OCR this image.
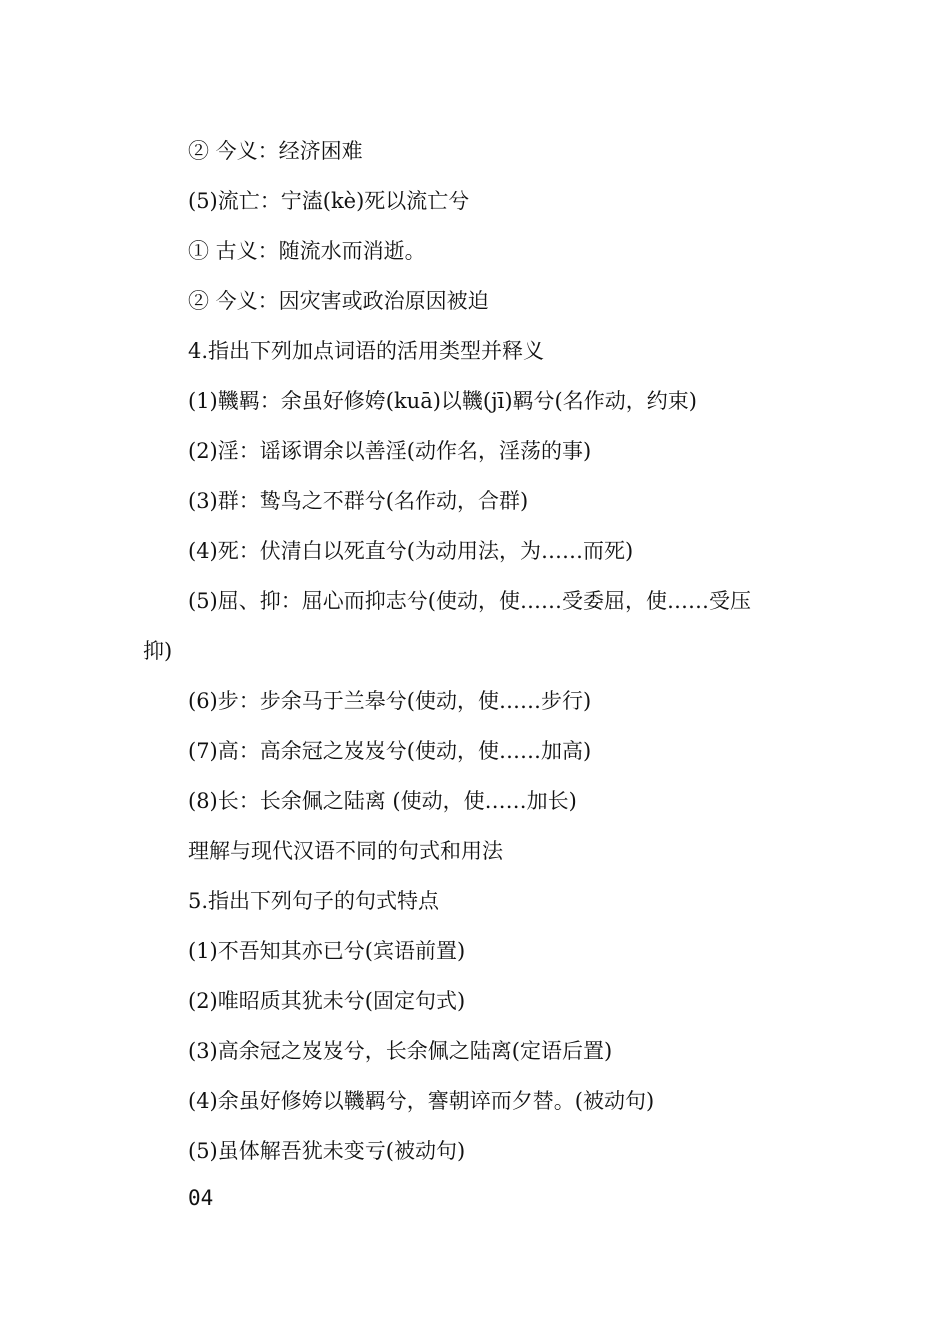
② 今义：经济困难
(5)流亡：宁溘(kè)死以流亡兮
① 古义：随流水而消逝。
② 今义：因灾害或政治原因被迫
4.指出下列加点词语的活用类型并释义
(1)鞿羁：余虽好修姱(kuā)以鞿(jī)羁兮(名作动，约束)
(2)淫：谣诼谓余以善淫(动作名，淫荡的事)
(3)群：鸷鸟之不群兮(名作动，合群)
(4)死：伏清白以死直兮(为动用法，为……而死)
(5)屈、抑：屈心而抑志兮(使动，使……受委屈，使……受压
抑)
(6)步：步余马于兰皋兮(使动，使……步行)
(7)高：高余冠之岌岌兮(使动，使……加高)
(8)长：长余佩之陆离 (使动，使……加长)
理解与现代汉语不同的句式和用法
5.指出下列句子的句式特点
(1)不吾知其亦已兮(宾语前置)
(2)唯昭质其犹未兮(固定句式)
(3)高余冠之岌岌兮，长余佩之陆离(定语后置)
(4)余虽好修姱以鞿羁兮，謇朝谇而夕替。(被动句)
(5)虽体解吾犹未变亏(被动句)
04
